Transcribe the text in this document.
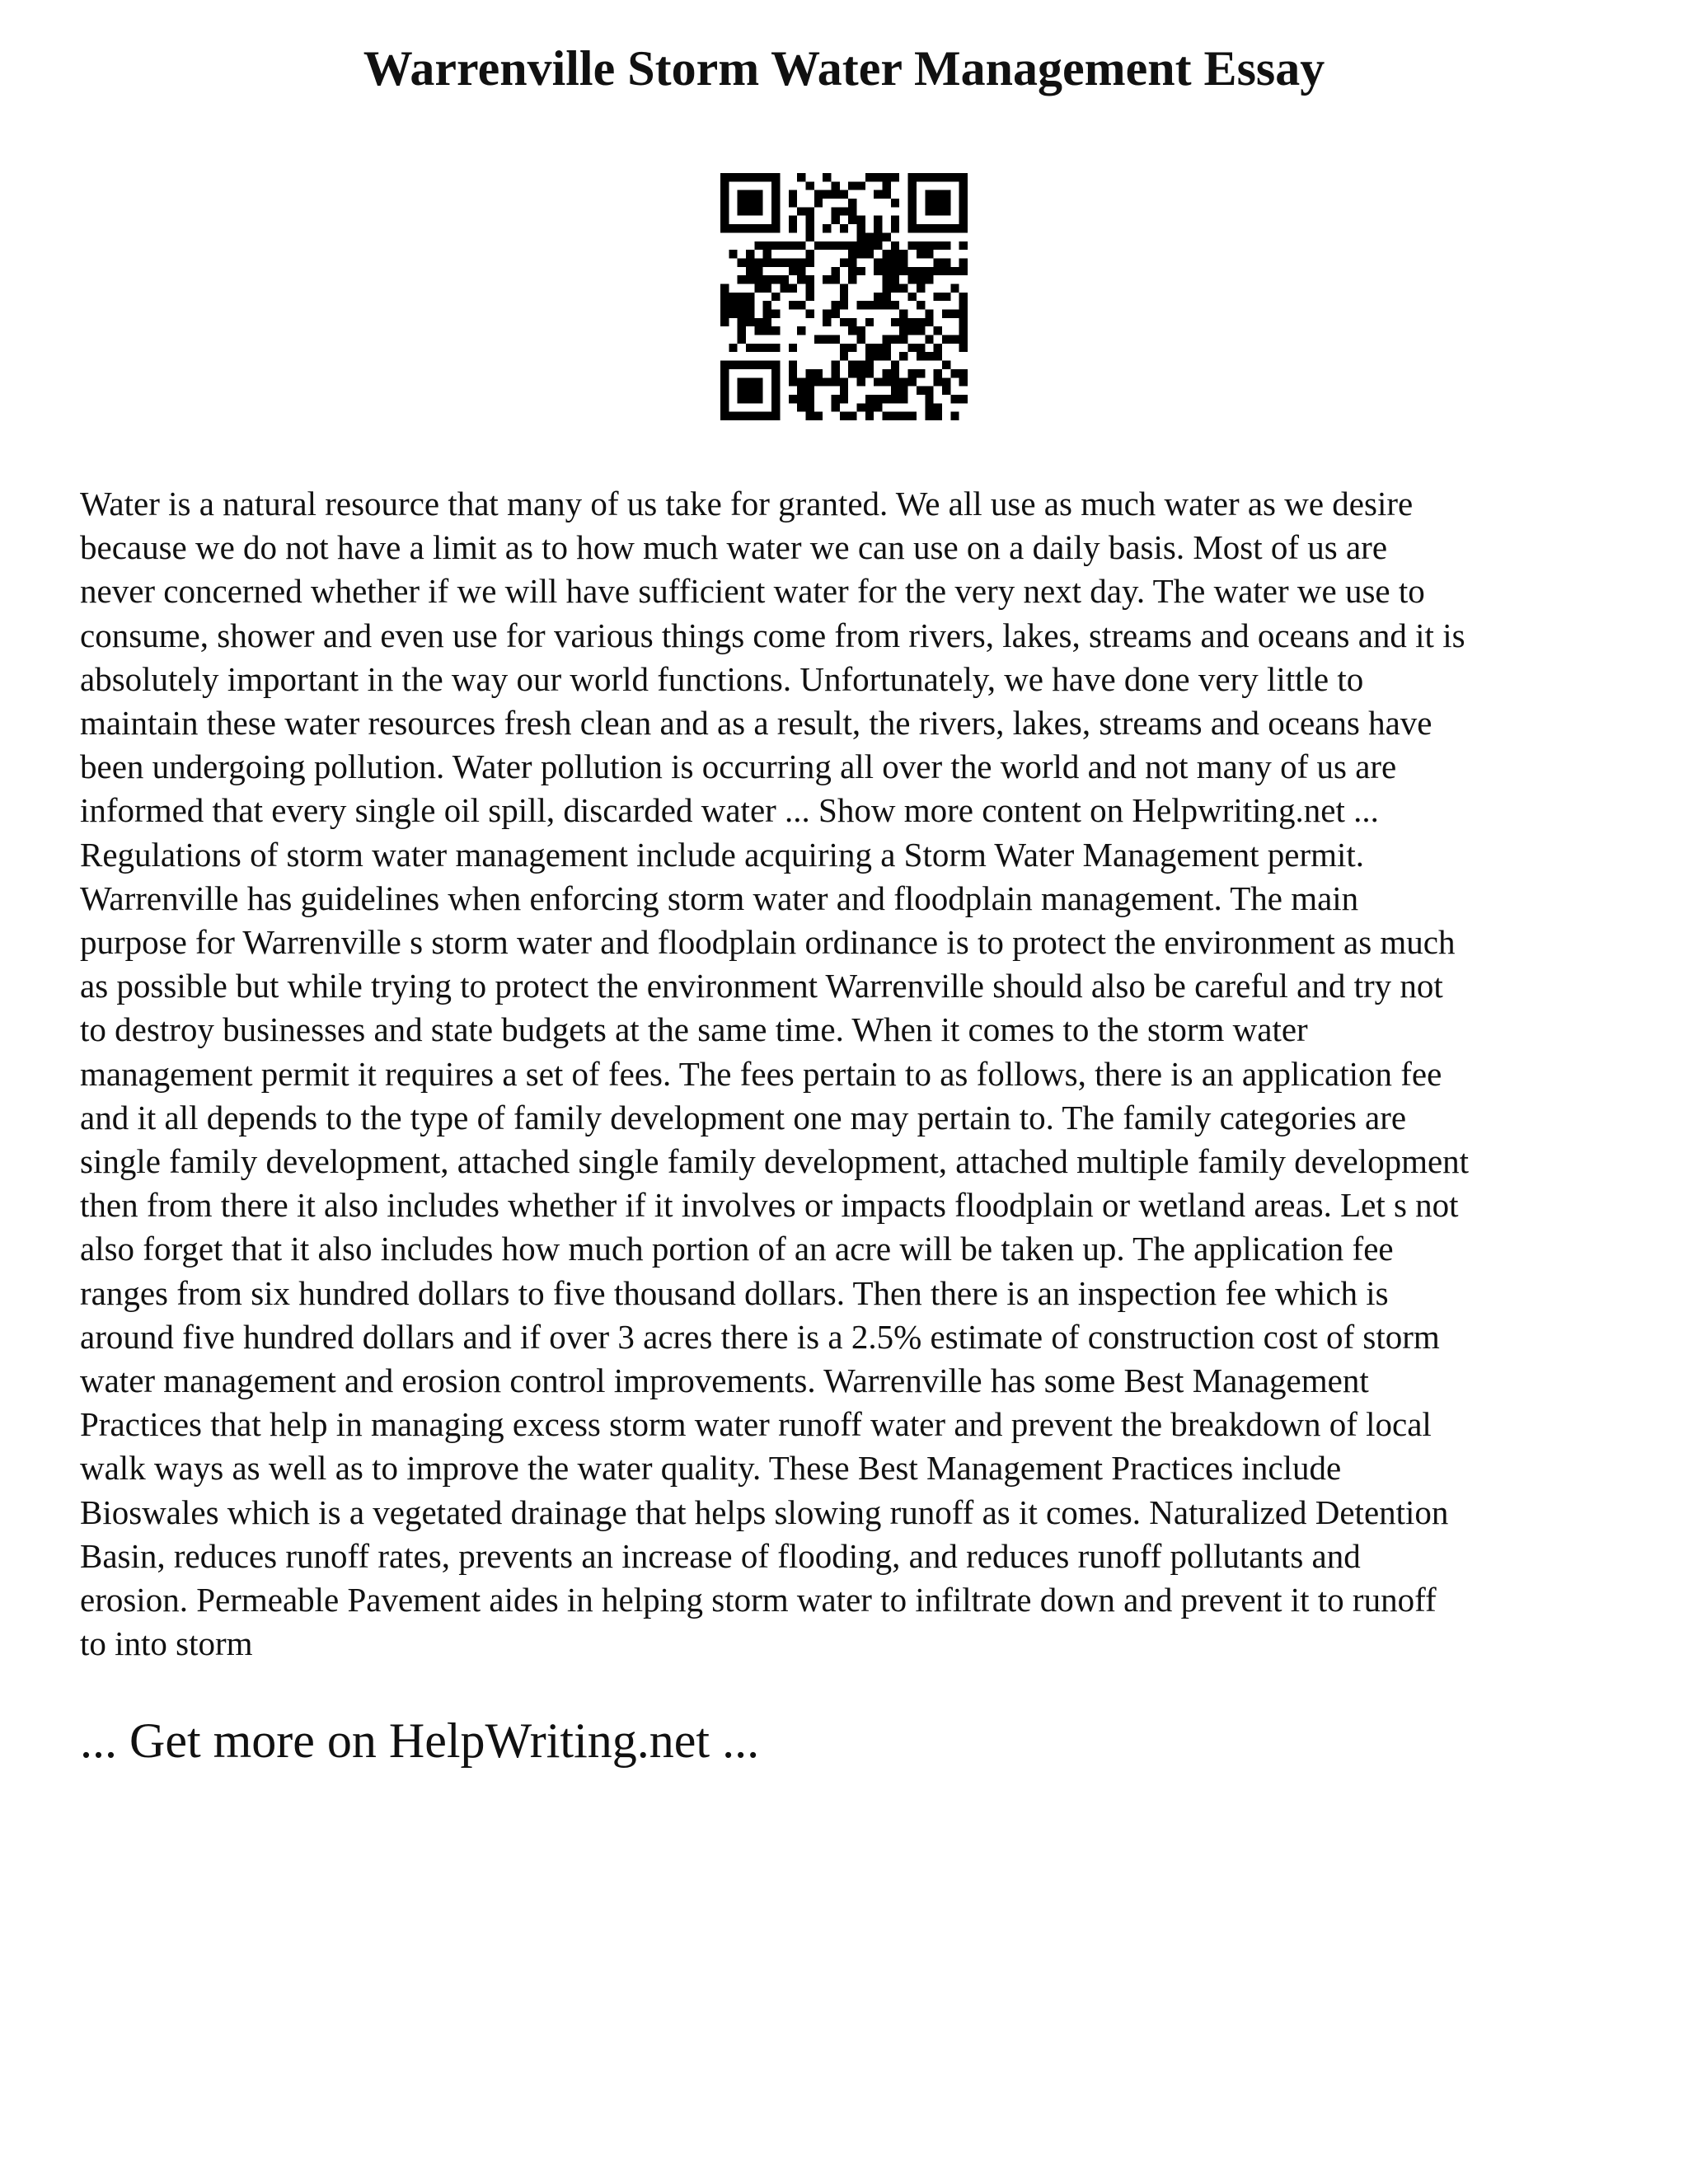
Warrenville Storm Water Management Essay
Water is a natural resource that many of us take for granted. We all use as much water as we desire
because we do not have a limit as to how much water we can use on a daily basis. Most of us are
never concerned whether if we will have sufficient water for the very next day. The water we use to
consume, shower and even use for various things come from rivers, lakes, streams and oceans and it is
absolutely important in the way our world functions. Unfortunately, we have done very little to
maintain these water resources fresh clean and as a result, the rivers, lakes, streams and oceans have
been undergoing pollution. Water pollution is occurring all over the world and not many of us are
informed that every single oil spill, discarded water ... Show more content on Helpwriting.net ...
Regulations of storm water management include acquiring a Storm Water Management permit.
Warrenville has guidelines when enforcing storm water and floodplain management. The main
purpose for Warrenville s storm water and floodplain ordinance is to protect the environment as much
as possible but while trying to protect the environment Warrenville should also be careful and try not
to destroy businesses and state budgets at the same time. When it comes to the storm water
management permit it requires a set of fees. The fees pertain to as follows, there is an application fee
and it all depends to the type of family development one may pertain to. The family categories are
single family development, attached single family development, attached multiple family development
then from there it also includes whether if it involves or impacts floodplain or wetland areas. Let s not
also forget that it also includes how much portion of an acre will be taken up. The application fee
ranges from six hundred dollars to five thousand dollars. Then there is an inspection fee which is
around five hundred dollars and if over 3 acres there is a 2.5% estimate of construction cost of storm
water management and erosion control improvements. Warrenville has some Best Management
Practices that help in managing excess storm water runoff water and prevent the breakdown of local
walk ways as well as to improve the water quality. These Best Management Practices include
Bioswales which is a vegetated drainage that helps slowing runoff as it comes. Naturalized Detention
Basin, reduces runoff rates, prevents an increase of flooding, and reduces runoff pollutants and
erosion. Permeable Pavement aides in helping storm water to infiltrate down and prevent it to runoff
to into storm
... Get more on HelpWriting.net ...
